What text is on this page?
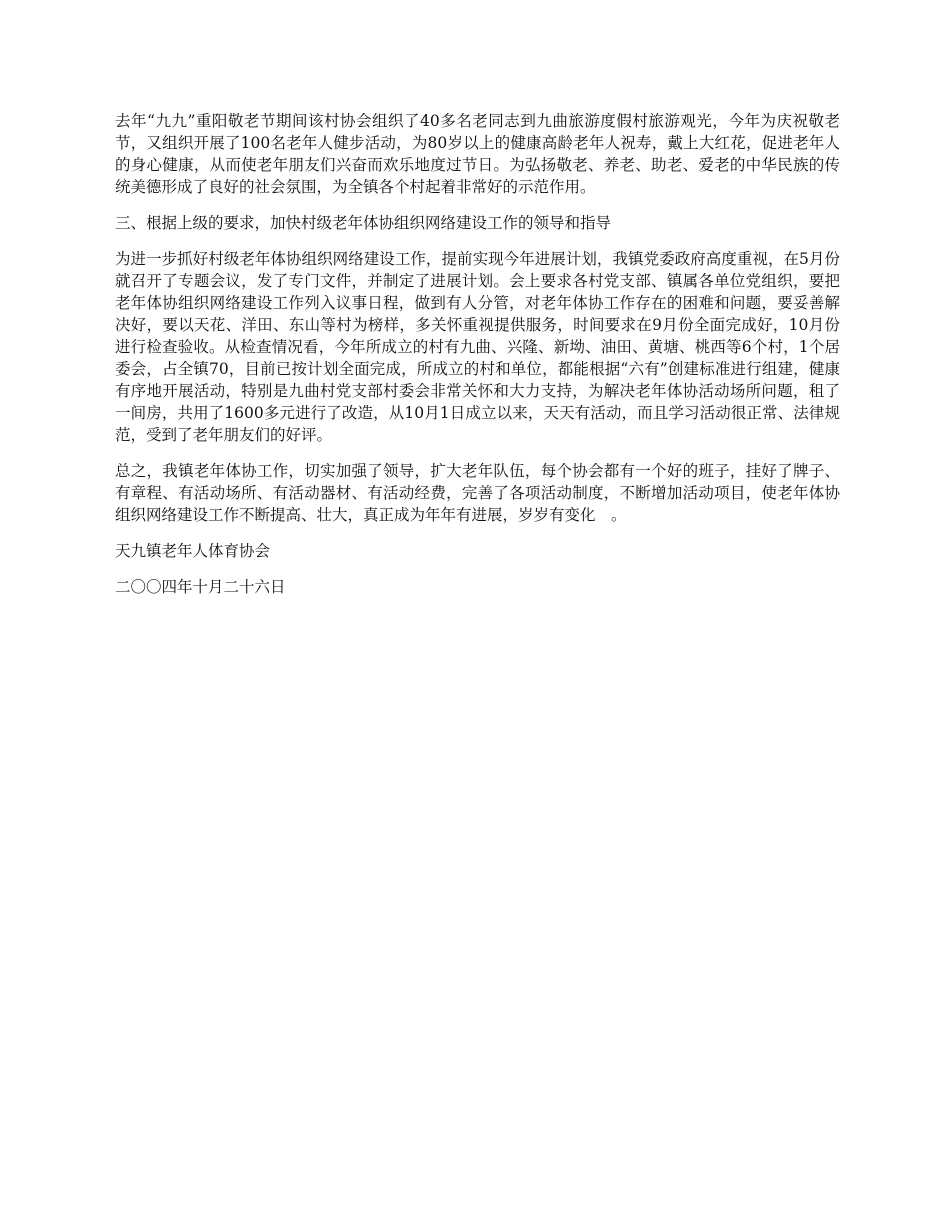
去年“九九”重阳敬老节期间该村协会组织了40多名老同志到九曲旅游度假村旅游观光，今年为庆祝敬老节，又组织开展了100名老年人健步活动，为80岁以上的健康高龄老年人祝寿，戴上大红花，促进老年人的身心健康，从而使老年朋友们兴奋而欢乐地度过节日。为弘扬敬老、养老、助老、爱老的中华民族的传统美德形成了良好的社会氛围，为全镇各个村起着非常好的示范作用。

三、根据上级的要求，加快村级老年体协组织网络建设工作的领导和指导

为进一步抓好村级老年体协组织网络建设工作，提前实现今年进展计划，我镇党委政府高度重视，在5月份就召开了专题会议，发了专门文件，并制定了进展计划。会上要求各村党支部、镇属各单位党组织，要把老年体协组织网络建设工作列入议事日程，做到有人分管，对老年体协工作存在的困难和问题，要妥善解决好，要以天花、洋田、东山等村为榜样，多关怀重视提供服务，时间要求在9月份全面完成好，10月份进行检查验收。从检查情况看，今年所成立的村有九曲、兴隆、新坳、油田、黄塘、桃西等6个村，1个居委会，占全镇70，目前已按计划全面完成，所成立的村和单位，都能根据“六有”创建标准进行组建，健康有序地开展活动，特别是九曲村党支部村委会非常关怀和大力支持，为解决老年体协活动场所问题，租了一间房，共用了1600多元进行了改造，从10月1日成立以来，天天有活动，而且学习活动很正常、法律规范，受到了老年朋友们的好评。

总之，我镇老年体协工作，切实加强了领导，扩大老年队伍，每个协会都有一个好的班子，挂好了牌子、有章程、有活动场所、有活动器材、有活动经费，完善了各项活动制度，不断增加活动项目，使老年体协组织网络建设工作不断提高、壮大，真正成为年年有进展，岁岁有变化　。

天九镇老年人体育协会

二〇〇四年十月二十六日
